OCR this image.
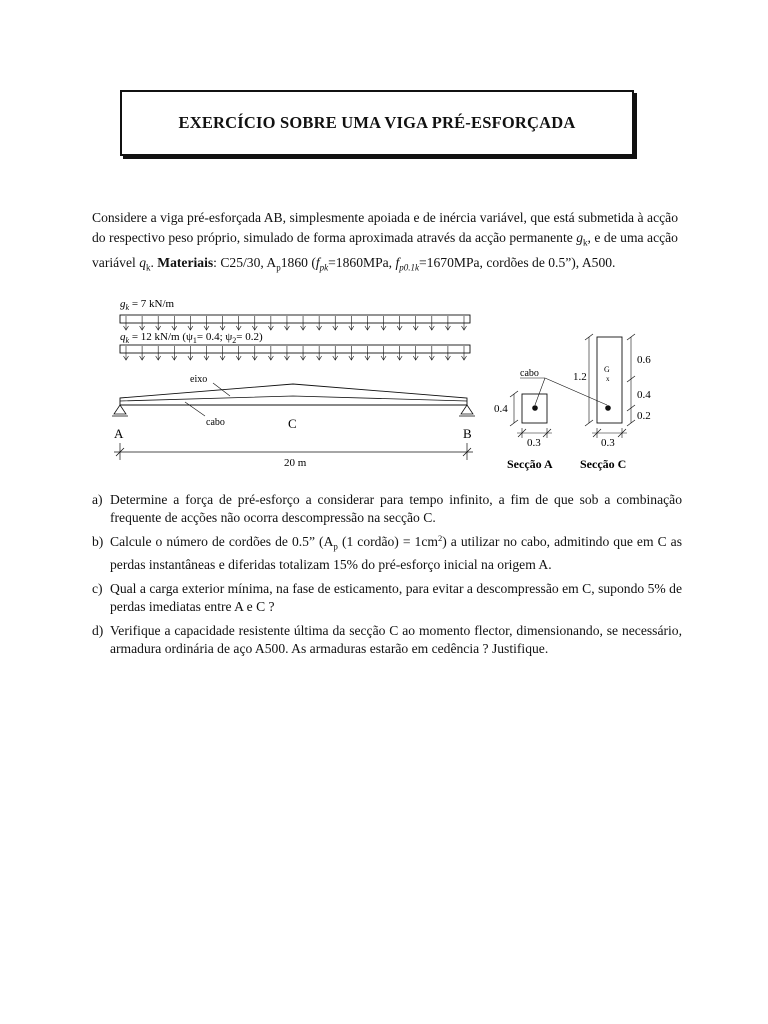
EXERCÍCIO SOBRE UMA VIGA PRÉ-ESFORÇADA

Considere a viga pré-esforçada AB, simplesmente apoiada e de inércia variável, que está submetida à acção do respectivo peso próprio, simulado de forma aproximada através da acção permanente $g_k$, e de uma acção variável $q_k$. Materiais: C25/30, $A_p1860$ ($f_{pk}=1860MPa$, $f_{p0.1k}=1670MPa$, cordões de 0.5”), A500.

$g_k = 7$ kN/m
$q_k = 12$ kN/m ($\psi_1= 0.4$; $\psi_2= 0.2$)
eixo
cabo
A	B
C
20 m
cabo
0.4
0.3
Secção A
G
x
1.2
0.6
0.4
0.2
0.3
Secção C
a) Determine a força de pré-esforço a considerar para tempo infinito, a fim de que sob a combinação frequente de acções não ocorra descompressão na secção C.
b) Calcule o número de cordões de 0.5” ($A_p$ (1 cordão) = $1cm^2$) a utilizar no cabo, admitindo que em C as perdas instantâneas e diferidas totalizam 15% do pré-esforço inicial na origem A.
c) Qual a carga exterior mínima, na fase de esticamento, para evitar a descompressão em C, supondo 5% de perdas imediatas entre A e C ?
d) Verifique a capacidade resistente última da secção C ao momento flector, dimensionando, se necessário, armadura ordinária de aço A500. As armaduras estarão em cedência ? Justifique.
